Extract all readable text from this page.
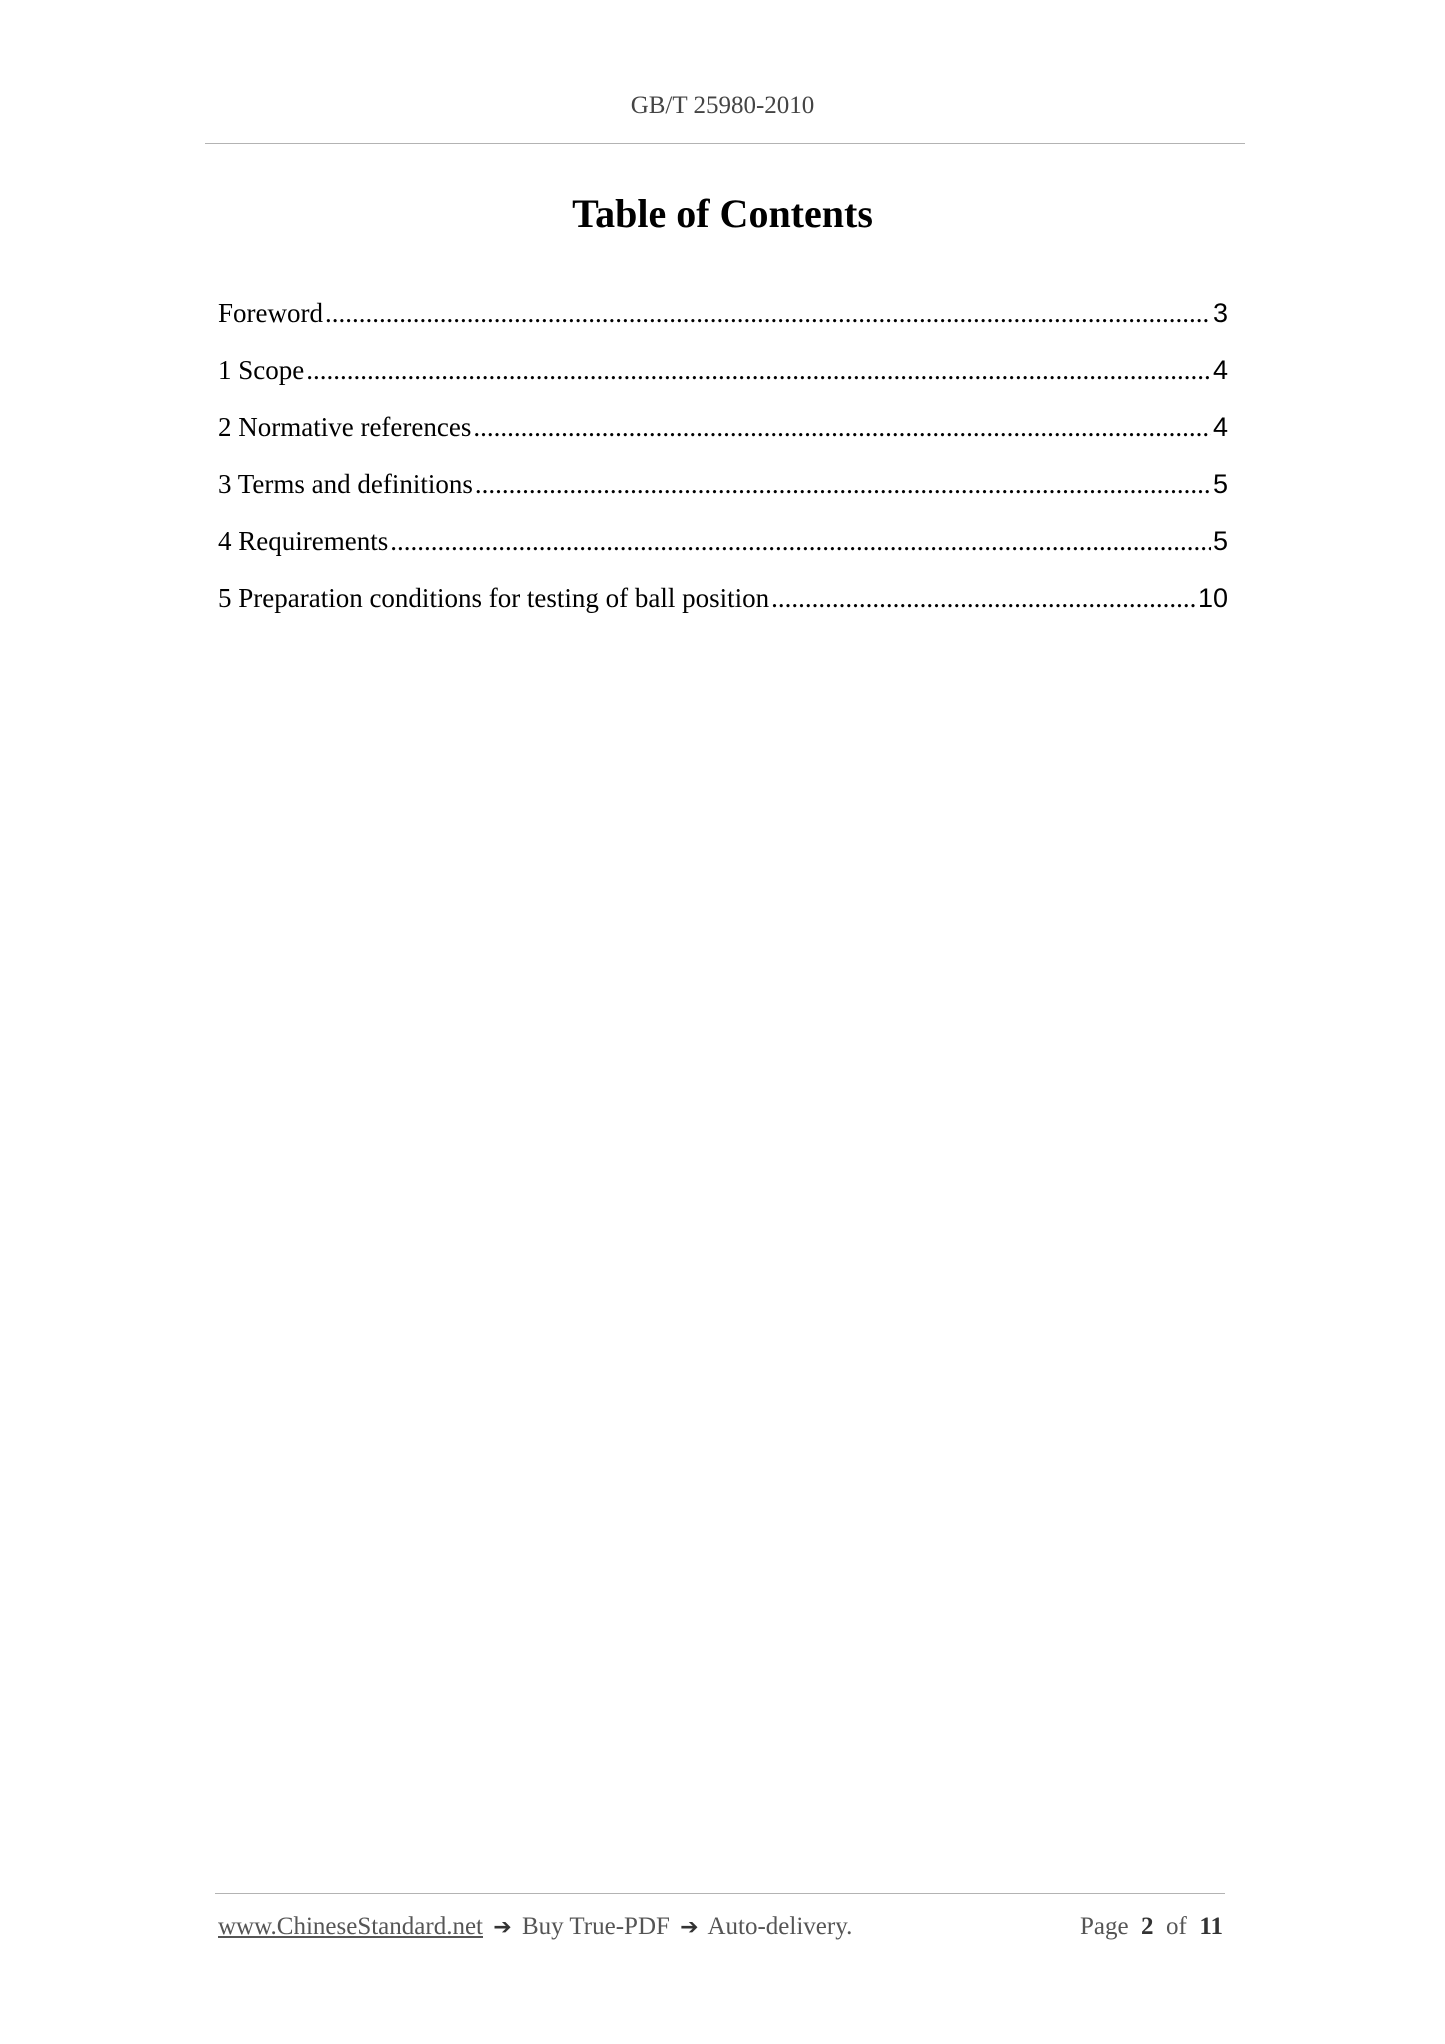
GB/T 25980-2010
Table of Contents
Foreword .....	3
1 Scope .....	4
2 Normative references .....	4
3 Terms and definitions .....	5
4 Requirements .....	5
5 Preparation conditions for testing of ball position .....	10
www.ChineseStandard.net ➔ Buy True-PDF ➔ Auto-delivery.	Page 2 of 11
